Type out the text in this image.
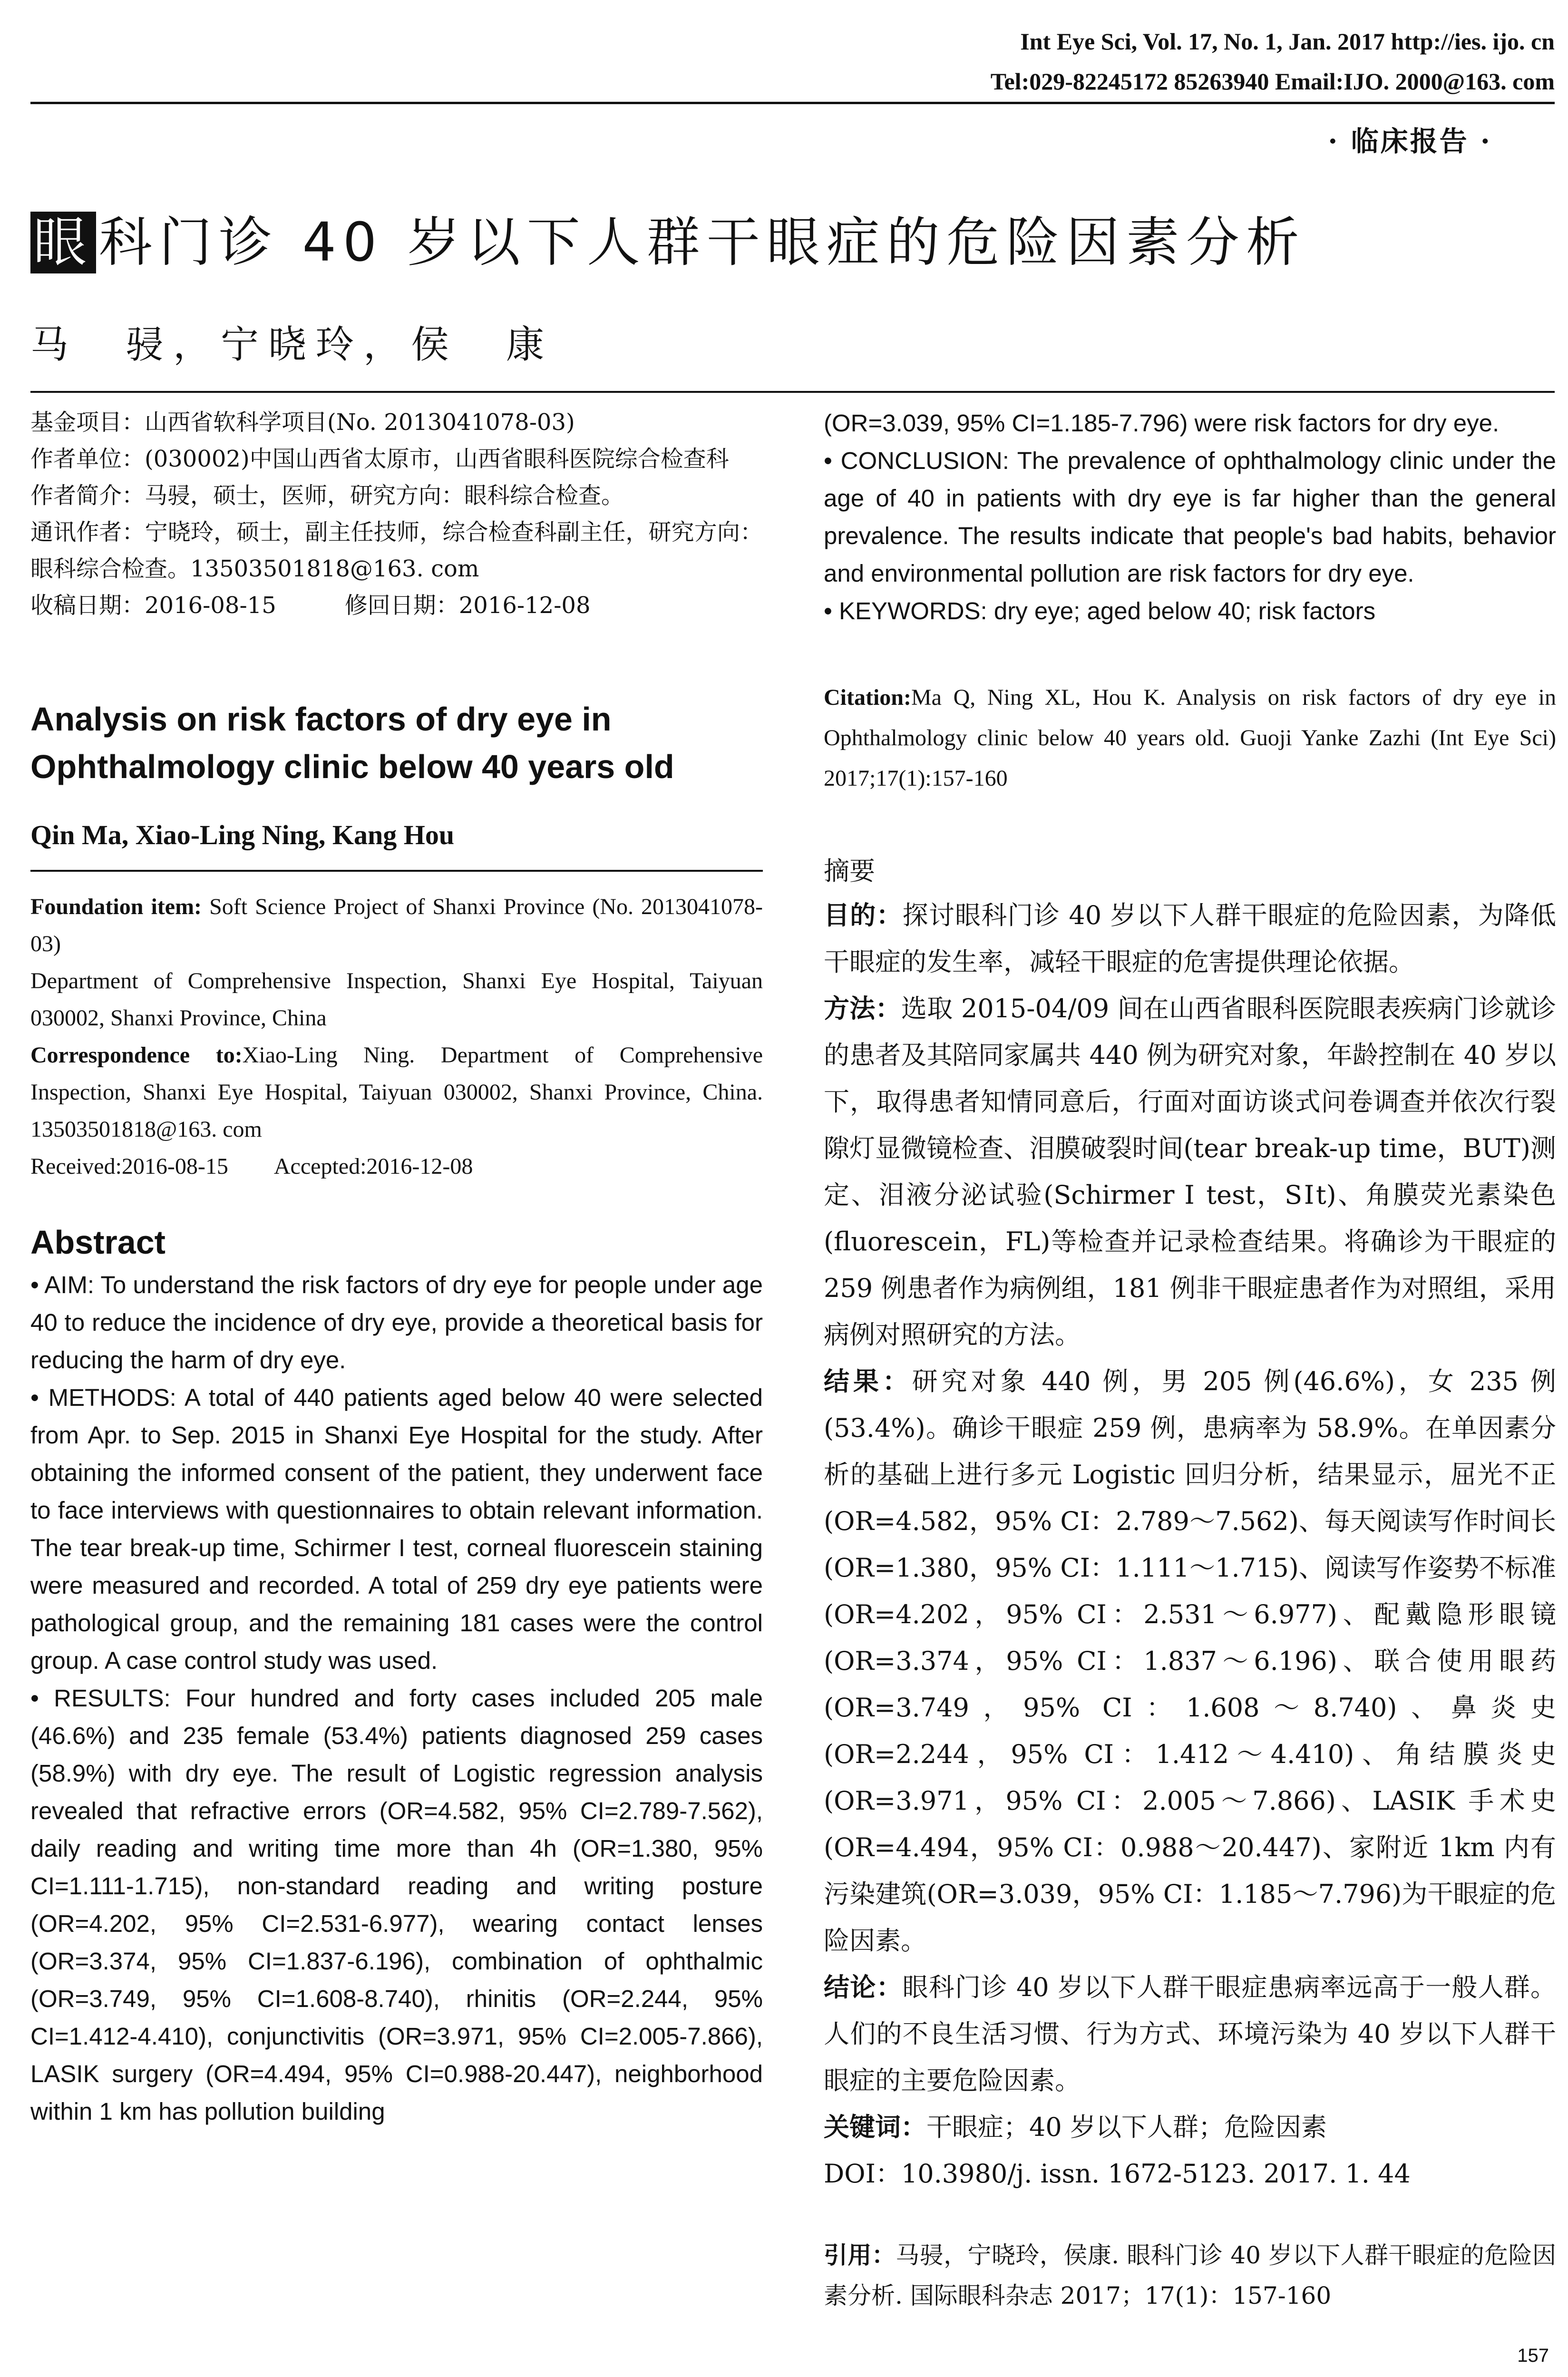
Int Eye Sci, Vol. 17, No. 1, Jan. 2017 http://ies. ijo. cn
Tel:029-82245172 85263940 Email:IJO. 2000@163. com
· 临床报告 ·
眼 科门诊 40 岁以下人群干眼症的危险因素分析
马　骎，宁晓玲，侯　康

基金项目：山西省软科学项目(No. 2013041078-03)

作者单位：(030002)中国山西省太原市，山西省眼科医院综合检查科

作者简介：马骎，硕士，医师，研究方向：眼科综合检查。

通讯作者：宁晓玲，硕士，副主任技师，综合检查科副主任，研究方向：眼科综合检查。13503501818@163. com

收稿日期：2016-08-15　　　修回日期：2016-12-08

Analysis on risk factors of dry eye in Ophthalmology clinic below 40 years old
Qin Ma, Xiao-Ling Ning, Kang Hou

Foundation item: Soft Science Project of Shanxi Province (No. 2013041078-03)

Department of Comprehensive Inspection, Shanxi Eye Hospital, Taiyuan 030002, Shanxi Province, China

Correspondence to:Xiao-Ling Ning. Department of Comprehensive Inspection, Shanxi Eye Hospital, Taiyuan 030002, Shanxi Province, China. 13503501818@163. com

Received:2016-08-15　　Accepted:2016-12-08

Abstract

• AIM: To understand the risk factors of dry eye for people under age 40 to reduce the incidence of dry eye, provide a theoretical basis for reducing the harm of dry eye.

• METHODS: A total of 440 patients aged below 40 were selected from Apr. to Sep. 2015 in Shanxi Eye Hospital for the study. After obtaining the informed consent of the patient, they underwent face to face interviews with questionnaires to obtain relevant information. The tear break-up time, Schirmer I test, corneal fluorescein staining were measured and recorded. A total of 259 dry eye patients were pathological group, and the remaining 181 cases were the control group. A case control study was used.

• RESULTS: Four hundred and forty cases included 205 male (46.6%) and 235 female (53.4%) patients diagnosed 259 cases (58.9%) with dry eye. The result of Logistic regression analysis revealed that refractive errors (OR=4.582, 95% CI=2.789-7.562), daily reading and writing time more than 4h (OR=1.380, 95% CI=1.111-1.715), non-standard reading and writing posture (OR=4.202, 95% CI=2.531-6.977), wearing contact lenses (OR=3.374, 95% CI=1.837-6.196), combination of ophthalmic (OR=3.749, 95% CI=1.608-8.740), rhinitis (OR=2.244, 95% CI=1.412-4.410), conjunctivitis (OR=3.971, 95% CI=2.005-7.866), LASIK surgery (OR=4.494, 95% CI=0.988-20.447), neighborhood within 1 km has pollution building

(OR=3.039, 95% CI=1.185-7.796) were risk factors for dry eye.

• CONCLUSION: The prevalence of ophthalmology clinic under the age of 40 in patients with dry eye is far higher than the general prevalence. The results indicate that people's bad habits, behavior and environmental pollution are risk factors for dry eye.

• KEYWORDS: dry eye; aged below 40; risk factors

Citation:Ma Q, Ning XL, Hou K. Analysis on risk factors of dry eye in Ophthalmology clinic below 40 years old. Guoji Yanke Zazhi (Int Eye Sci) 2017;17(1):157-160

摘要

目的：探讨眼科门诊 40 岁以下人群干眼症的危险因素，为降低干眼症的发生率，减轻干眼症的危害提供理论依据。

方法：选取 2015-04/09 间在山西省眼科医院眼表疾病门诊就诊的患者及其陪同家属共 440 例为研究对象，年龄控制在 40 岁以下，取得患者知情同意后，行面对面访谈式问卷调查并依次行裂隙灯显微镜检查、泪膜破裂时间(tear break-up time，BUT)测定、泪液分泌试验(Schirmer Ⅰ test，SⅠt)、角膜荧光素染色(fluorescein，FL)等检查并记录检查结果。将确诊为干眼症的 259 例患者作为病例组，181 例非干眼症患者作为对照组，采用病例对照研究的方法。

结果：研究对象 440 例，男 205 例(46.6%)，女 235 例(53.4%)。确诊干眼症 259 例，患病率为 58.9%。在单因素分析的基础上进行多元 Logistic 回归分析，结果显示，屈光不正(OR=4.582，95% CI：2.789～7.562)、每天阅读写作时间长(OR=1.380，95% CI：1.111～1.715)、阅读写作姿势不标准(OR=4.202，95% CI：2.531～6.977)、配戴隐形眼镜(OR=3.374，95% CI：1.837～6.196)、联合使用眼药(OR=3.749，95% CI：1.608～8.740)、鼻炎史(OR=2.244，95% CI：1.412～4.410)、角结膜炎史(OR=3.971，95% CI：2.005～7.866)、LASIK 手术史(OR=4.494，95% CI：0.988～20.447)、家附近 1km 内有污染建筑(OR=3.039，95% CI：1.185～7.796)为干眼症的危险因素。

结论：眼科门诊 40 岁以下人群干眼症患病率远高于一般人群。人们的不良生活习惯、行为方式、环境污染为 40 岁以下人群干眼症的主要危险因素。

关键词：干眼症；40 岁以下人群；危险因素

DOI：10.3980/j. issn. 1672-5123. 2017. 1. 44

引用：马骎，宁晓玲，侯康. 眼科门诊 40 岁以下人群干眼症的危险因素分析. 国际眼科杂志 2017；17(1)：157-160

157
